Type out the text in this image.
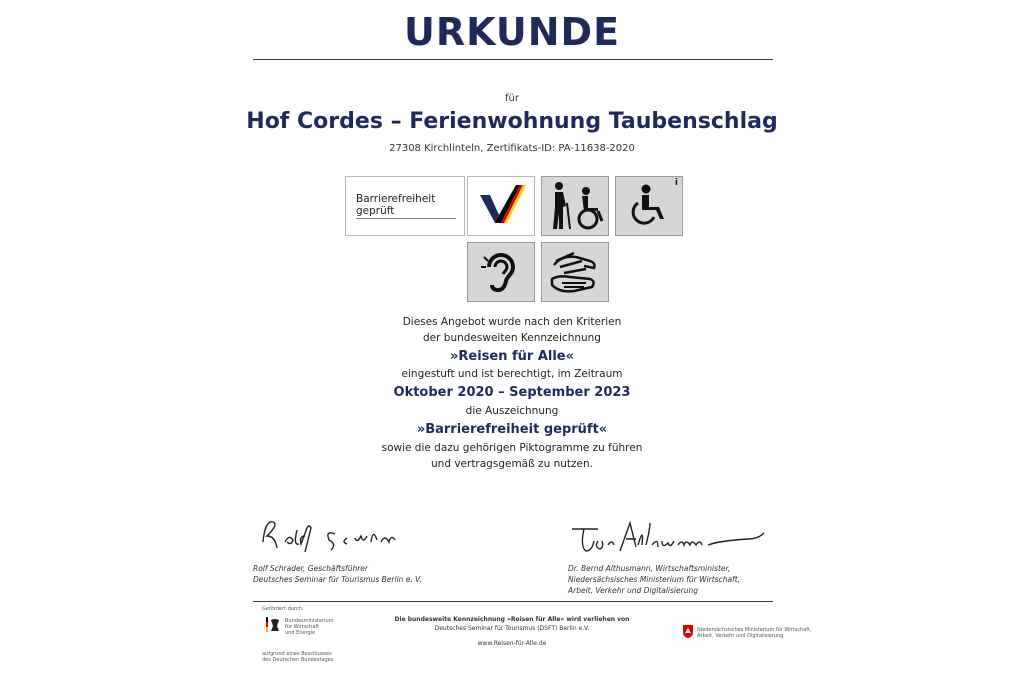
URKUNDE
für
Hof Cordes – Ferienwohnung Taubenschlag
27308 Kirchlinteln, Zertifikats-ID: PA-11638-2020
Barrierefreiheit
geprüft
i
Dieses Angebot wurde nach den Kriterien
der bundesweiten Kennzeichnung
»Reisen für Alle«
eingestuft und ist berechtigt, im Zeitraum
Oktober 2020 – September 2023
die Auszeichnung
»Barrierefreiheit geprüft«
sowie die dazu gehörigen Piktogramme zu führen
und vertragsgemäß zu nutzen.
Rolf Schrader, Geschäftsführer
Deutsches Seminar für Tourismus Berlin e. V.
Dr. Bernd Althusmann, Wirtschaftsminister,
Niedersächsisches Ministerium für Wirtschaft,
Arbeit, Verkehr und Digitalisierung
Gefördert durch:
Bundesministerium
für Wirtschaft
und Energie
aufgrund eines Beschlusses
des Deutschen Bundestages
Die bundesweite Kennzeichnung »Reisen für Alle« wird verliehen von
Deutsches Seminar für Tourismus (DSFT) Berlin e.V.
www.Reisen-für-Alle.de
Niedersächsisches Ministerium für Wirtschaft,
Arbeit, Verkehr und Digitalisierung
